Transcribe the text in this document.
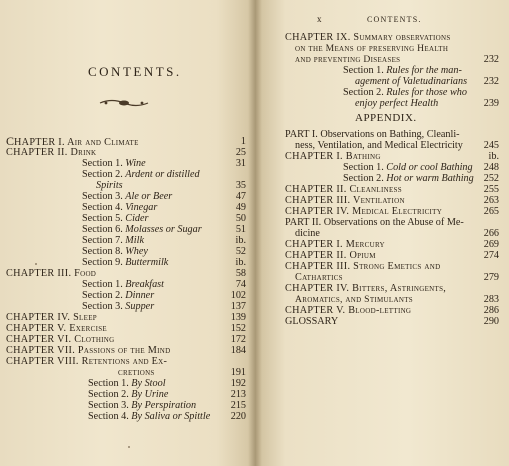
CONTENTS.
CHAPTER I. Air and Climate	1
CHAPTER II. Drink	25
Section 1. Wine	31
Section 2. Ardent or distilled
Spirits	35
Section 3. Ale or Beer	47
Section 4. Vinegar	49
Section 5. Cider	50
Section 6. Molasses or Sugar	51
Section 7. Milk	ib.
Section 8. Whey	52
Section 9. Buttermilk	ib.
CHAPTER III. Food	58
Section 1. Breakfast	74
Section 2. Dinner	102
Section 3. Supper	137
CHAPTER IV. Sleep	139
CHAPTER V. Exercise	152
CHAPTER VI. Clothing	172
CHAPTER VII. Passions of the Mind	184
CHAPTER VIII. Retentions and Ex-
cretions	191
Section 1. By Stool	192
Section 2. By Urine	213
Section 3. By Perspiration	215
Section 4. By Saliva or Spittle	220
x	CONTENTS.
CHAPTER IX. Summary observations
on the Means of preserving Health
and preventing Diseases	232
Section 1. Rules for the man-
agement of Valetudinarians	232
Section 2. Rules for those who
enjoy perfect Health	239
APPENDIX.
PART I. Observations on Bathing, Cleanli-
ness, Ventilation, and Medical Electricity 245
CHAPTER I. Bathing	ib.
Section 1. Cold or cool Bathing 248
Section 2. Hot or warm Bathing 252
CHAPTER II. Cleanliness	255
CHAPTER III. Ventilation	263
CHAPTER IV. Medical Electricity	265
PART II. Observations on the Abuse of Me-
dicine	266
CHAPTER I. Mercury	269
CHAPTER II. Opium	274
CHAPTER III. Strong Emetics and
Cathartics	279
CHAPTER IV. Bitters, Astringents,
Aromatics, and Stimulants	283
CHAPTER V. Blood-letting	286
GLOSSARY	290
